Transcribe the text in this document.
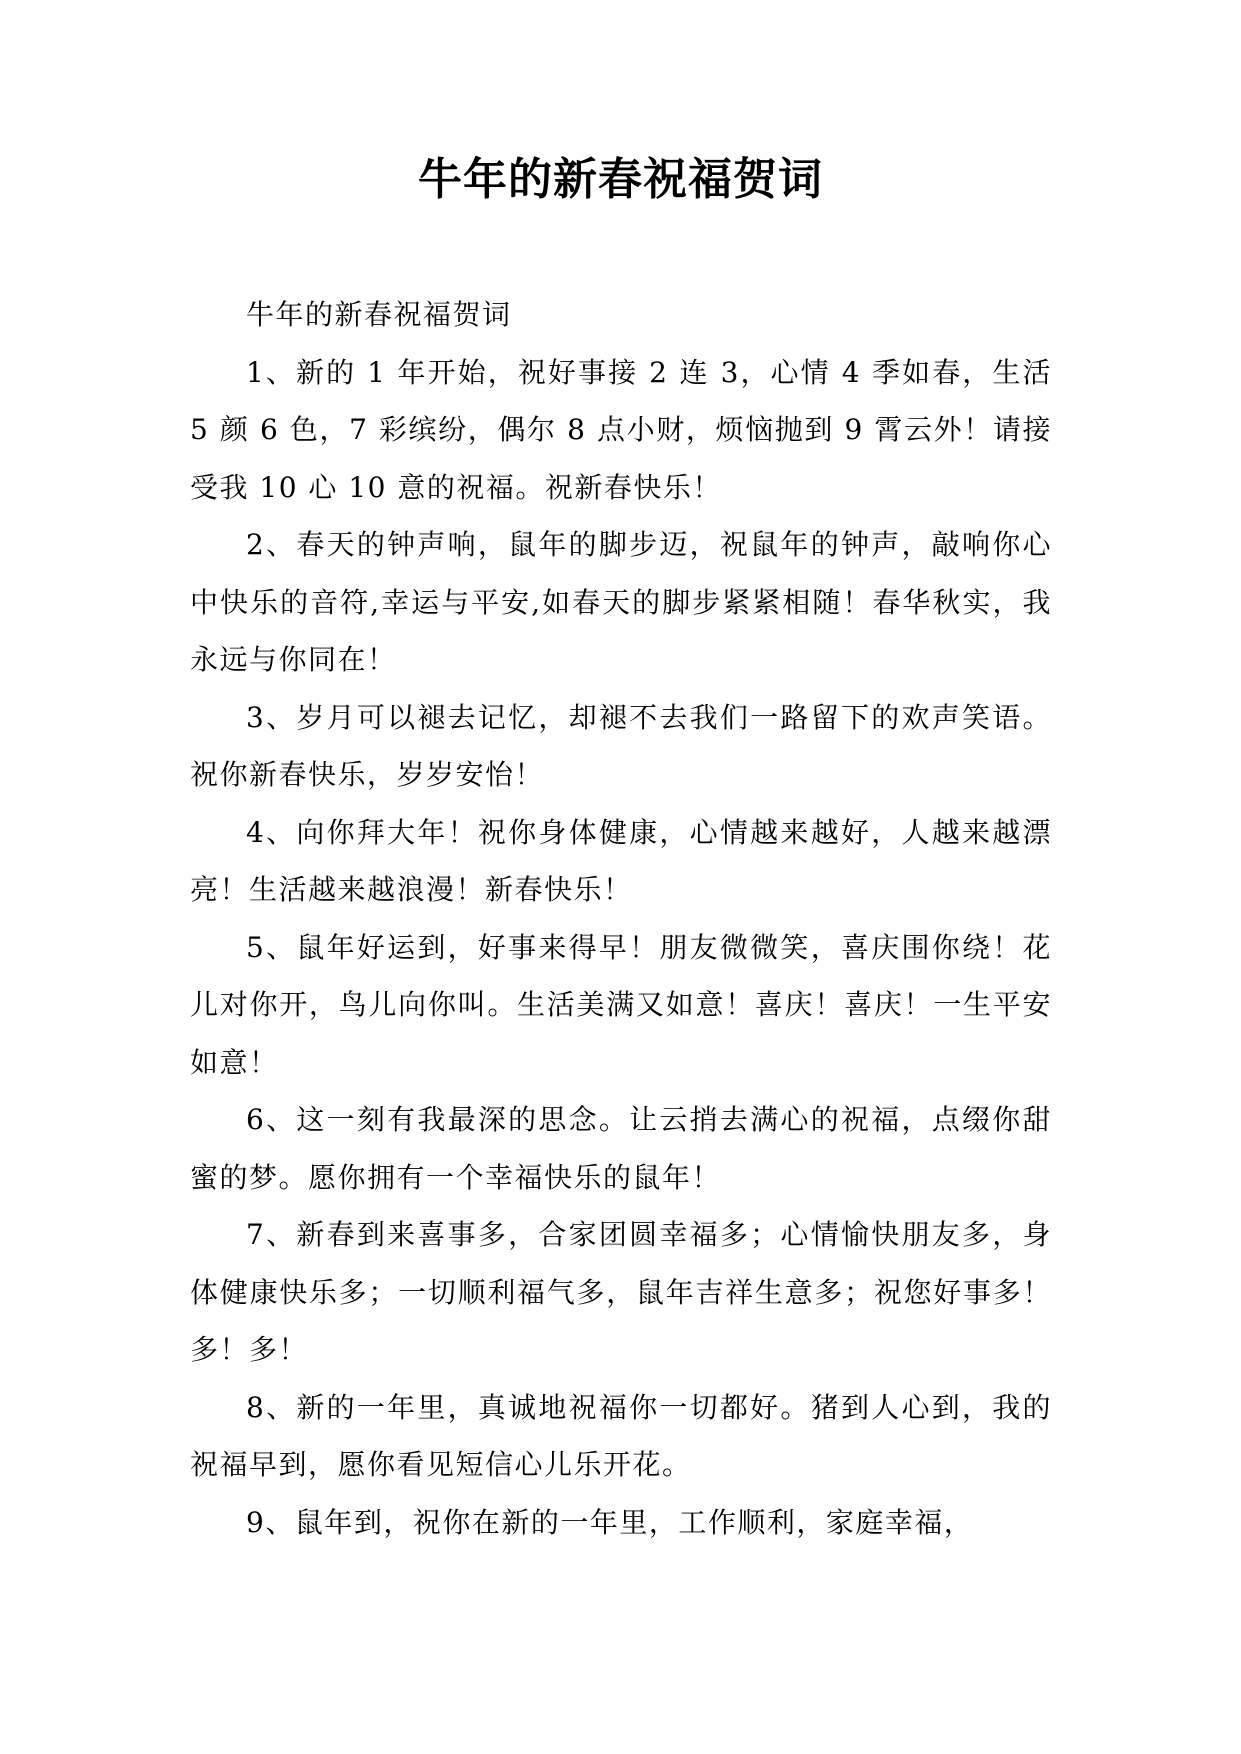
牛年的新春祝福贺词

牛年的新春祝福贺词

1、新的 1 年开始，祝好事接 2 连 3，心情 4 季如春，生活 5 颜 6 色，7 彩缤纷，偶尔 8 点小财，烦恼抛到 9 霄云外！请接受我 10 心 10 意的祝福。祝新春快乐！

2、春天的钟声响，鼠年的脚步迈，祝鼠年的钟声，敲响你心中快乐的音符,幸运与平安,如春天的脚步紧紧相随！春华秋实，我永远与你同在！

3、岁月可以褪去记忆，却褪不去我们一路留下的欢声笑语。祝你新春快乐，岁岁安怡！

4、向你拜大年！祝你身体健康，心情越来越好，人越来越漂亮！生活越来越浪漫！新春快乐！

5、鼠年好运到，好事来得早！朋友微微笑，喜庆围你绕！花儿对你开，鸟儿向你叫。生活美满又如意！喜庆！喜庆！一生平安如意！

6、这一刻有我最深的思念。让云捎去满心的祝福，点缀你甜蜜的梦。愿你拥有一个幸福快乐的鼠年！

7、新春到来喜事多，合家团圆幸福多；心情愉快朋友多，身体健康快乐多；一切顺利福气多，鼠年吉祥生意多；祝您好事多！多！多！

8、新的一年里，真诚地祝福你一切都好。猪到人心到，我的祝福早到，愿你看见短信心儿乐开花。

9、鼠年到，祝你在新的一年里，工作顺利，家庭幸福，
